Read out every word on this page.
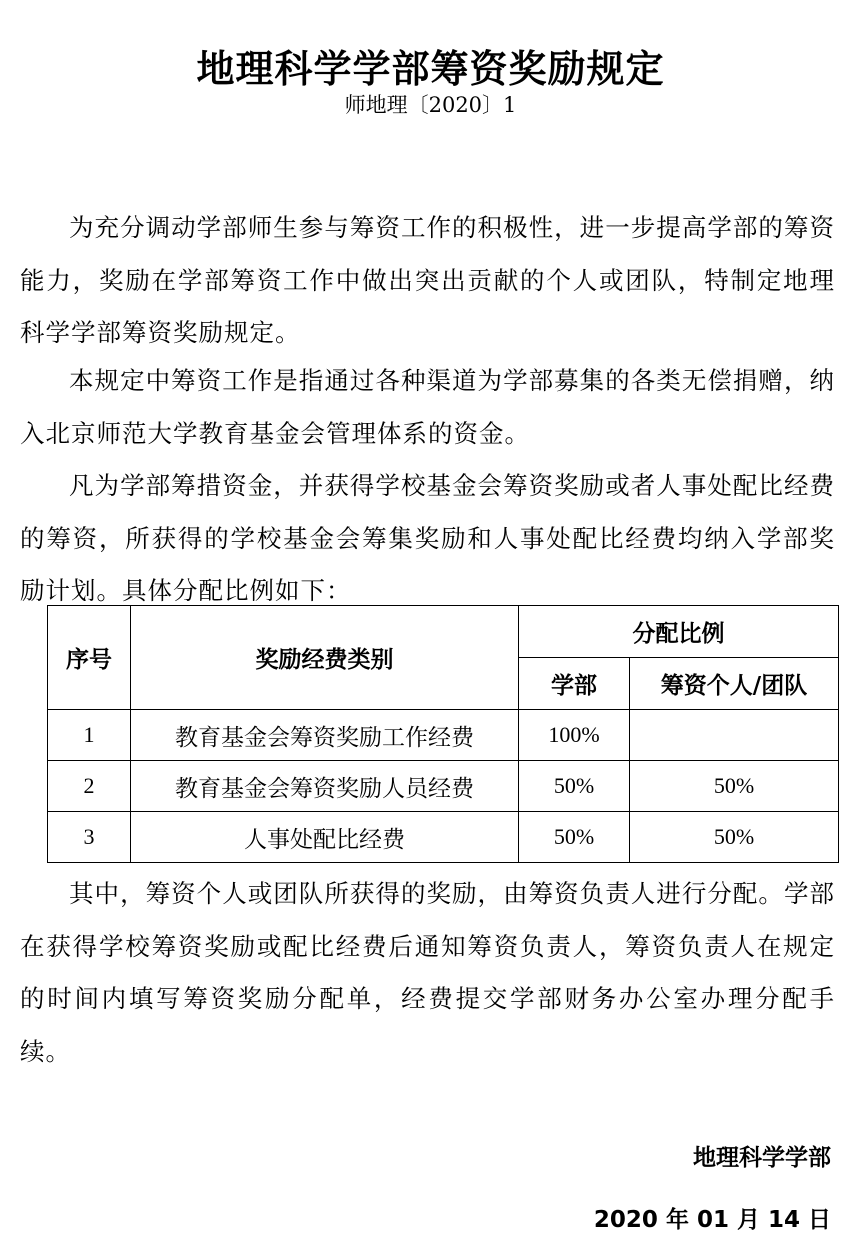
地理科学学部筹资奖励规定
师地理〔2020〕1

为充分调动学部师生参与筹资工作的积极性，进一步提高学部的筹资能力，奖励在学部筹资工作中做出突出贡献的个人或团队，特制定地理科学学部筹资奖励规定。

本规定中筹资工作是指通过各种渠道为学部募集的各类无偿捐赠，纳入北京师范大学教育基金会管理体系的资金。

凡为学部筹措资金，并获得学校基金会筹资奖励或者人事处配比经费的筹资，所获得的学校基金会筹集奖励和人事处配比经费均纳入学部奖励计划。具体分配比例如下：

序号	奖励经费类别	分配比例	
		学部	筹资个人/团队
1	教育基金会筹资奖励工作经费	100%	
2	教育基金会筹资奖励人员经费	50%	50%
3	人事处配比经费	50%	50%

其中，筹资个人或团队所获得的奖励，由筹资负责人进行分配。学部在获得学校筹资奖励或配比经费后通知筹资负责人，筹资负责人在规定的时间内填写筹资奖励分配单，经费提交学部财务办公室办理分配手续。

地理科学学部
2020 年 01 月 14 日
